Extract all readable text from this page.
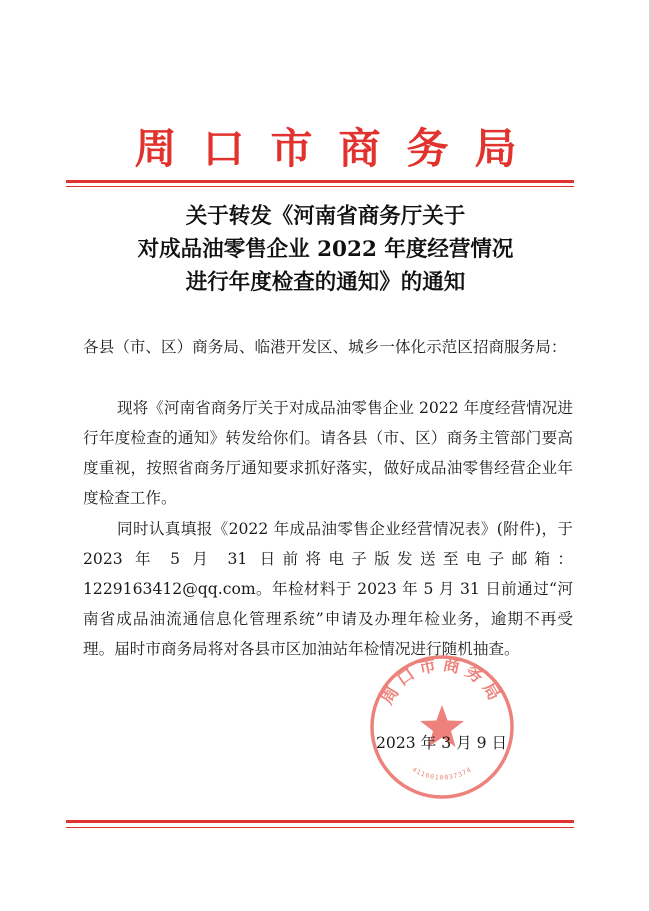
周口市商务局
关于转发《河南省商务厅关于
对成品油零售企业 2022 年度经营情况
进行年度检查的通知》的通知
各县（市、区）商务局、临港开发区、城乡一体化示范区招商服务局：
现将《河南省商务厅关于对成品油零售企业 2022 年度经营情况进行年度检查的通知》转发给你们。请各县（市、区）商务主管部门要高度重视，按照省商务厅通知要求抓好落实，做好成品油零售经营企业年度检查工作。
同时认真填报《2022 年成品油零售企业经营情况表》(附件)，于 2023 年 5 月 31 日前将电子版发送至电子邮箱：1229163412@qq.com。年检材料于 2023 年 5 月 31 日前通过“河南省成品油流通信息化管理系统”申请及办理年检业务，逾期不再受理。届时市商务局将对各县市区加油站年检情况进行随机抽查。
周口市商务局
4116010037374
2023 年 3 月 9 日
